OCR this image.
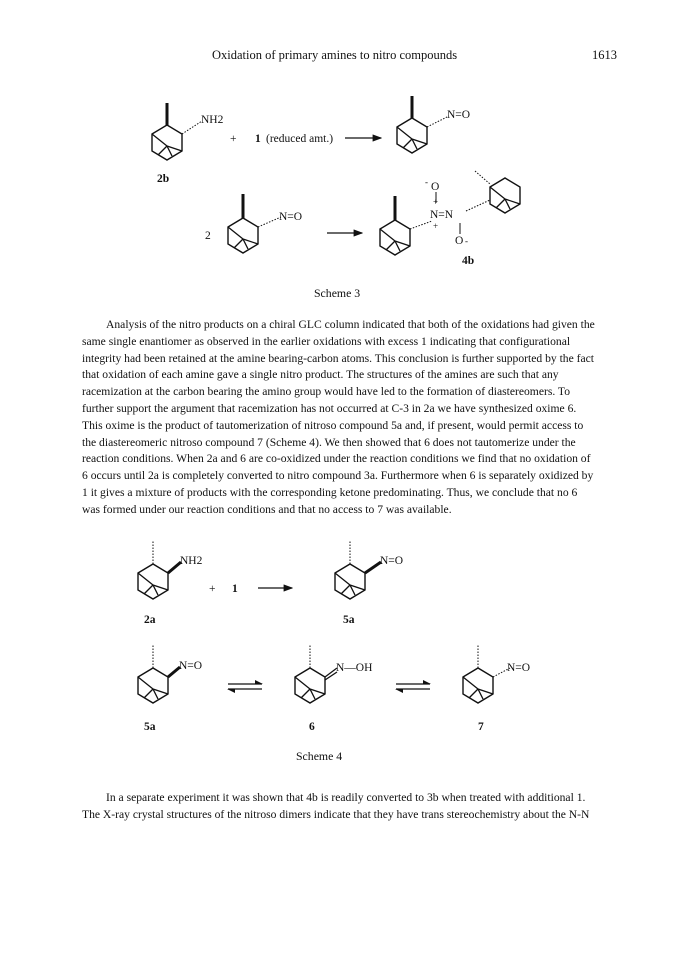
Oxidation of primary amines to nitro compounds	1613
NH2
2b
+ 1 (reduced amt.)
N=O
2
N=O
- O
+
N=N
+
O -
4b
Scheme 3
Analysis of the nitro products on a chiral GLC column indicated that both of the oxidations had given the
same single enantiomer as observed in the earlier oxidations with excess 1 indicating that configurational
integrity had been retained at the amine bearing-carbon atoms. This conclusion is further supported by the fact
that oxidation of each amine gave a single nitro product. The structures of the amines are such that any
racemization at the carbon bearing the amino group would have led to the formation of diastereomers. To
further support the argument that racemization has not occurred at C-3 in 2a we have synthesized oxime 6.
This oxime is the product of tautomerization of nitroso compound 5a and, if present, would permit access to
the diastereomeric nitroso compound 7 (Scheme 4). We then showed that 6 does not tautomerize under the
reaction conditions. When 2a and 6 are co-oxidized under the reaction conditions we find that no oxidation of
6 occurs until 2a is completely converted to nitro compound 3a. Furthermore when 6 is separately oxidized by
1 it gives a mixture of products with the corresponding ketone predominating. Thus, we conclude that no 6
was formed under our reaction conditions and that no access to 7 was available.
NH2
2a
+ 1
N=O
5a
N=O
5a
N—OH
6
N=O
7
Scheme 4
In a separate experiment it was shown that 4b is readily converted to 3b when treated with additional 1.
The X-ray crystal structures of the nitroso dimers indicate that they have trans stereochemistry about the N-N
